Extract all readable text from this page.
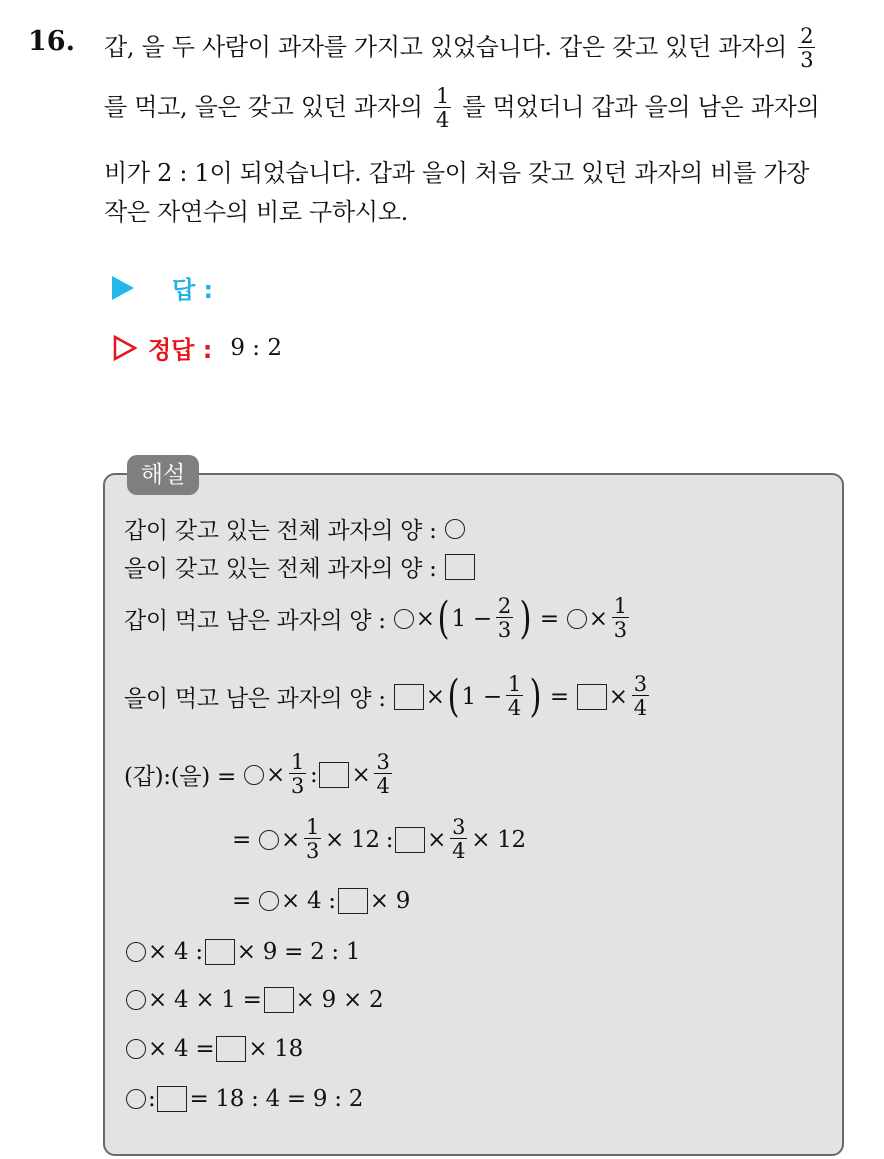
16. 갑, 을 두 사람이 과자를 가지고 있었습니다. 갑은 갖고 있던 과자의 $\frac{2}{3}$
를 먹고, 을은 갖고 있던 과자의 $\frac{1}{4}$ 를 먹었더니 갑과 을의 남은 과자의
비가 2 : 1이 되었습니다. 갑과 을이 처음 갖고 있던 과자의 비를 가장
작은 자연수의 비로 구하시오.
답 :
정답 : 9 : 2
해설
갑이 갖고 있는 전체 과자의 양 :
을이 갖고 있는 전체 과자의 양 :
갑이 먹고 남은 과자의 양 : × ( $1 - \frac{2}{3}$ ) = × $\frac{1}{3}$
을이 먹고 남은 과자의 양 : × ( $1 - \frac{1}{4}$ ) = × $\frac{3}{4}$
(갑):(을) = × $\frac{1}{3}$ : × $\frac{3}{4}$
= × $\frac{1}{3} \times 12$ : × $\frac{3}{4} \times 12$
= × 4 : × 9
× 4 : × 9 = 2 : 1
× 4 × 1 = × 9 × 2
× 4 = × 18
: = 18 : 4 = 9 : 2
